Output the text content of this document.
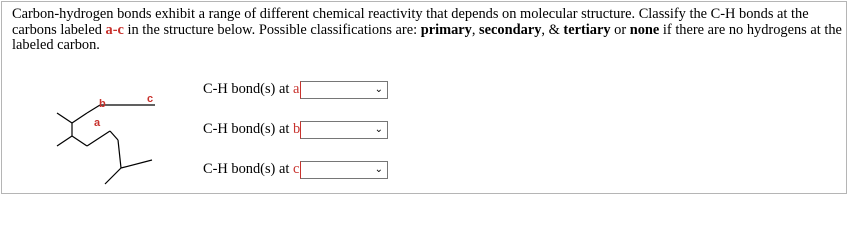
Carbon-hydrogen bonds exhibit a range of different chemical reactivity that depends on molecular structure. Classify the C-H bonds at the carbons labeled a-c in the structure below. Possible classifications are: primary, secondary, & tertiary or none if there are no hydrogens at the labeled carbon.
b	c
a
C-H bond(s) at a	⌄
C-H bond(s) at b	⌄
C-H bond(s) at c	⌄
